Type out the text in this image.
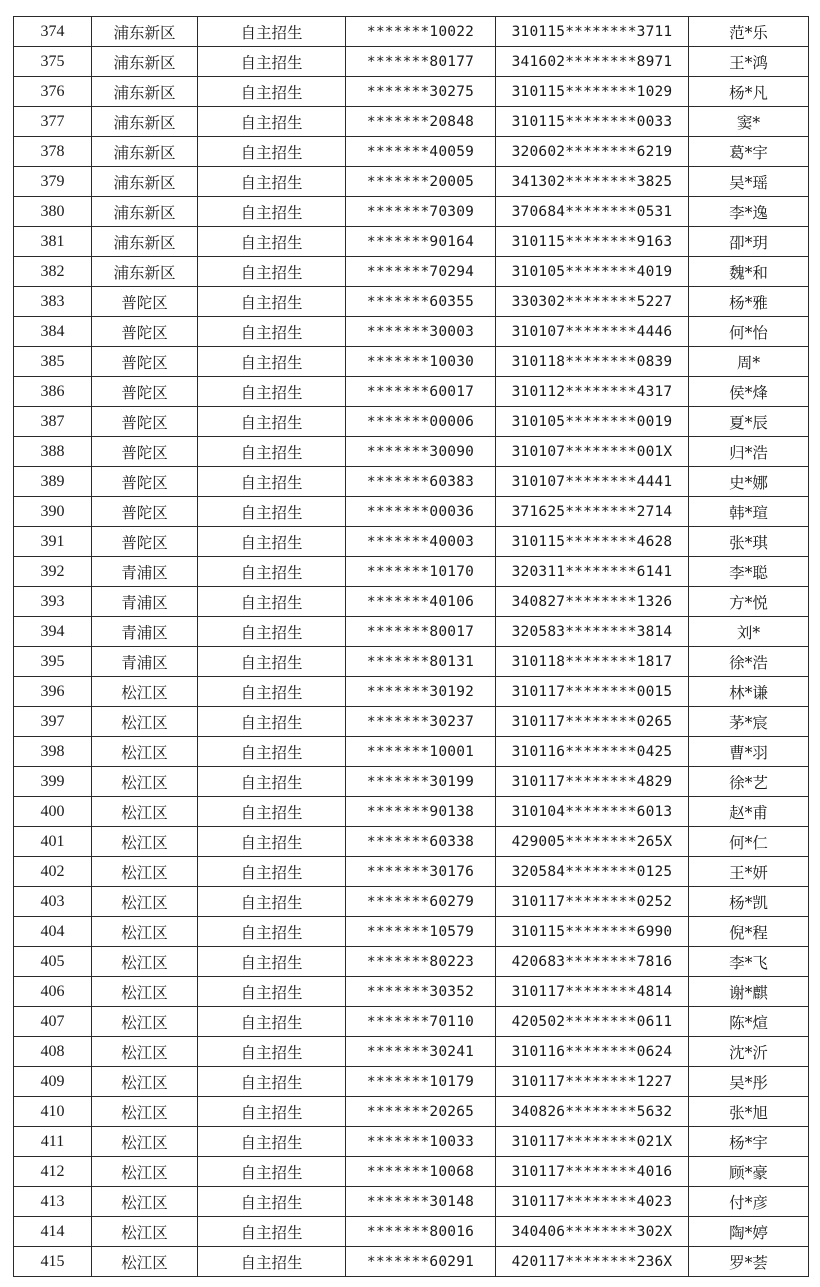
374	浦东新区	自主招生	*******10022	310115********3711	范*乐
375	浦东新区	自主招生	*******80177	341602********8971	王*鸿
376	浦东新区	自主招生	*******30275	310115********1029	杨*凡
377	浦东新区	自主招生	*******20848	310115********0033	窦*
378	浦东新区	自主招生	*******40059	320602********6219	葛*宇
379	浦东新区	自主招生	*******20005	341302********3825	吴*瑶
380	浦东新区	自主招生	*******70309	370684********0531	李*逸
381	浦东新区	自主招生	*******90164	310115********9163	卲*玥
382	浦东新区	自主招生	*******70294	310105********4019	魏*和
383	普陀区	自主招生	*******60355	330302********5227	杨*雅
384	普陀区	自主招生	*******30003	310107********4446	何*怡
385	普陀区	自主招生	*******10030	310118********0839	周*
386	普陀区	自主招生	*******60017	310112********4317	侯*烽
387	普陀区	自主招生	*******00006	310105********0019	夏*辰
388	普陀区	自主招生	*******30090	310107********001X	归*浩
389	普陀区	自主招生	*******60383	310107********4441	史*娜
390	普陀区	自主招生	*******00036	371625********2714	韩*瑄
391	普陀区	自主招生	*******40003	310115********4628	张*琪
392	青浦区	自主招生	*******10170	320311********6141	李*聪
393	青浦区	自主招生	*******40106	340827********1326	方*悦
394	青浦区	自主招生	*******80017	320583********3814	刘*
395	青浦区	自主招生	*******80131	310118********1817	徐*浩
396	松江区	自主招生	*******30192	310117********0015	林*谦
397	松江区	自主招生	*******30237	310117********0265	茅*宸
398	松江区	自主招生	*******10001	310116********0425	曹*羽
399	松江区	自主招生	*******30199	310117********4829	徐*艺
400	松江区	自主招生	*******90138	310104********6013	赵*甫
401	松江区	自主招生	*******60338	429005********265X	何*仁
402	松江区	自主招生	*******30176	320584********0125	王*妍
403	松江区	自主招生	*******60279	310117********0252	杨*凯
404	松江区	自主招生	*******10579	310115********6990	倪*程
405	松江区	自主招生	*******80223	420683********7816	李*飞
406	松江区	自主招生	*******30352	310117********4814	谢*麒
407	松江区	自主招生	*******70110	420502********0611	陈*煊
408	松江区	自主招生	*******30241	310116********0624	沈*沂
409	松江区	自主招生	*******10179	310117********1227	吴*彤
410	松江区	自主招生	*******20265	340826********5632	张*旭
411	松江区	自主招生	*******10033	310117********021X	杨*宇
412	松江区	自主招生	*******10068	310117********4016	顾*豪
413	松江区	自主招生	*******30148	310117********4023	付*彦
414	松江区	自主招生	*******80016	340406********302X	陶*婷
415	松江区	自主招生	*******60291	420117********236X	罗*荟
